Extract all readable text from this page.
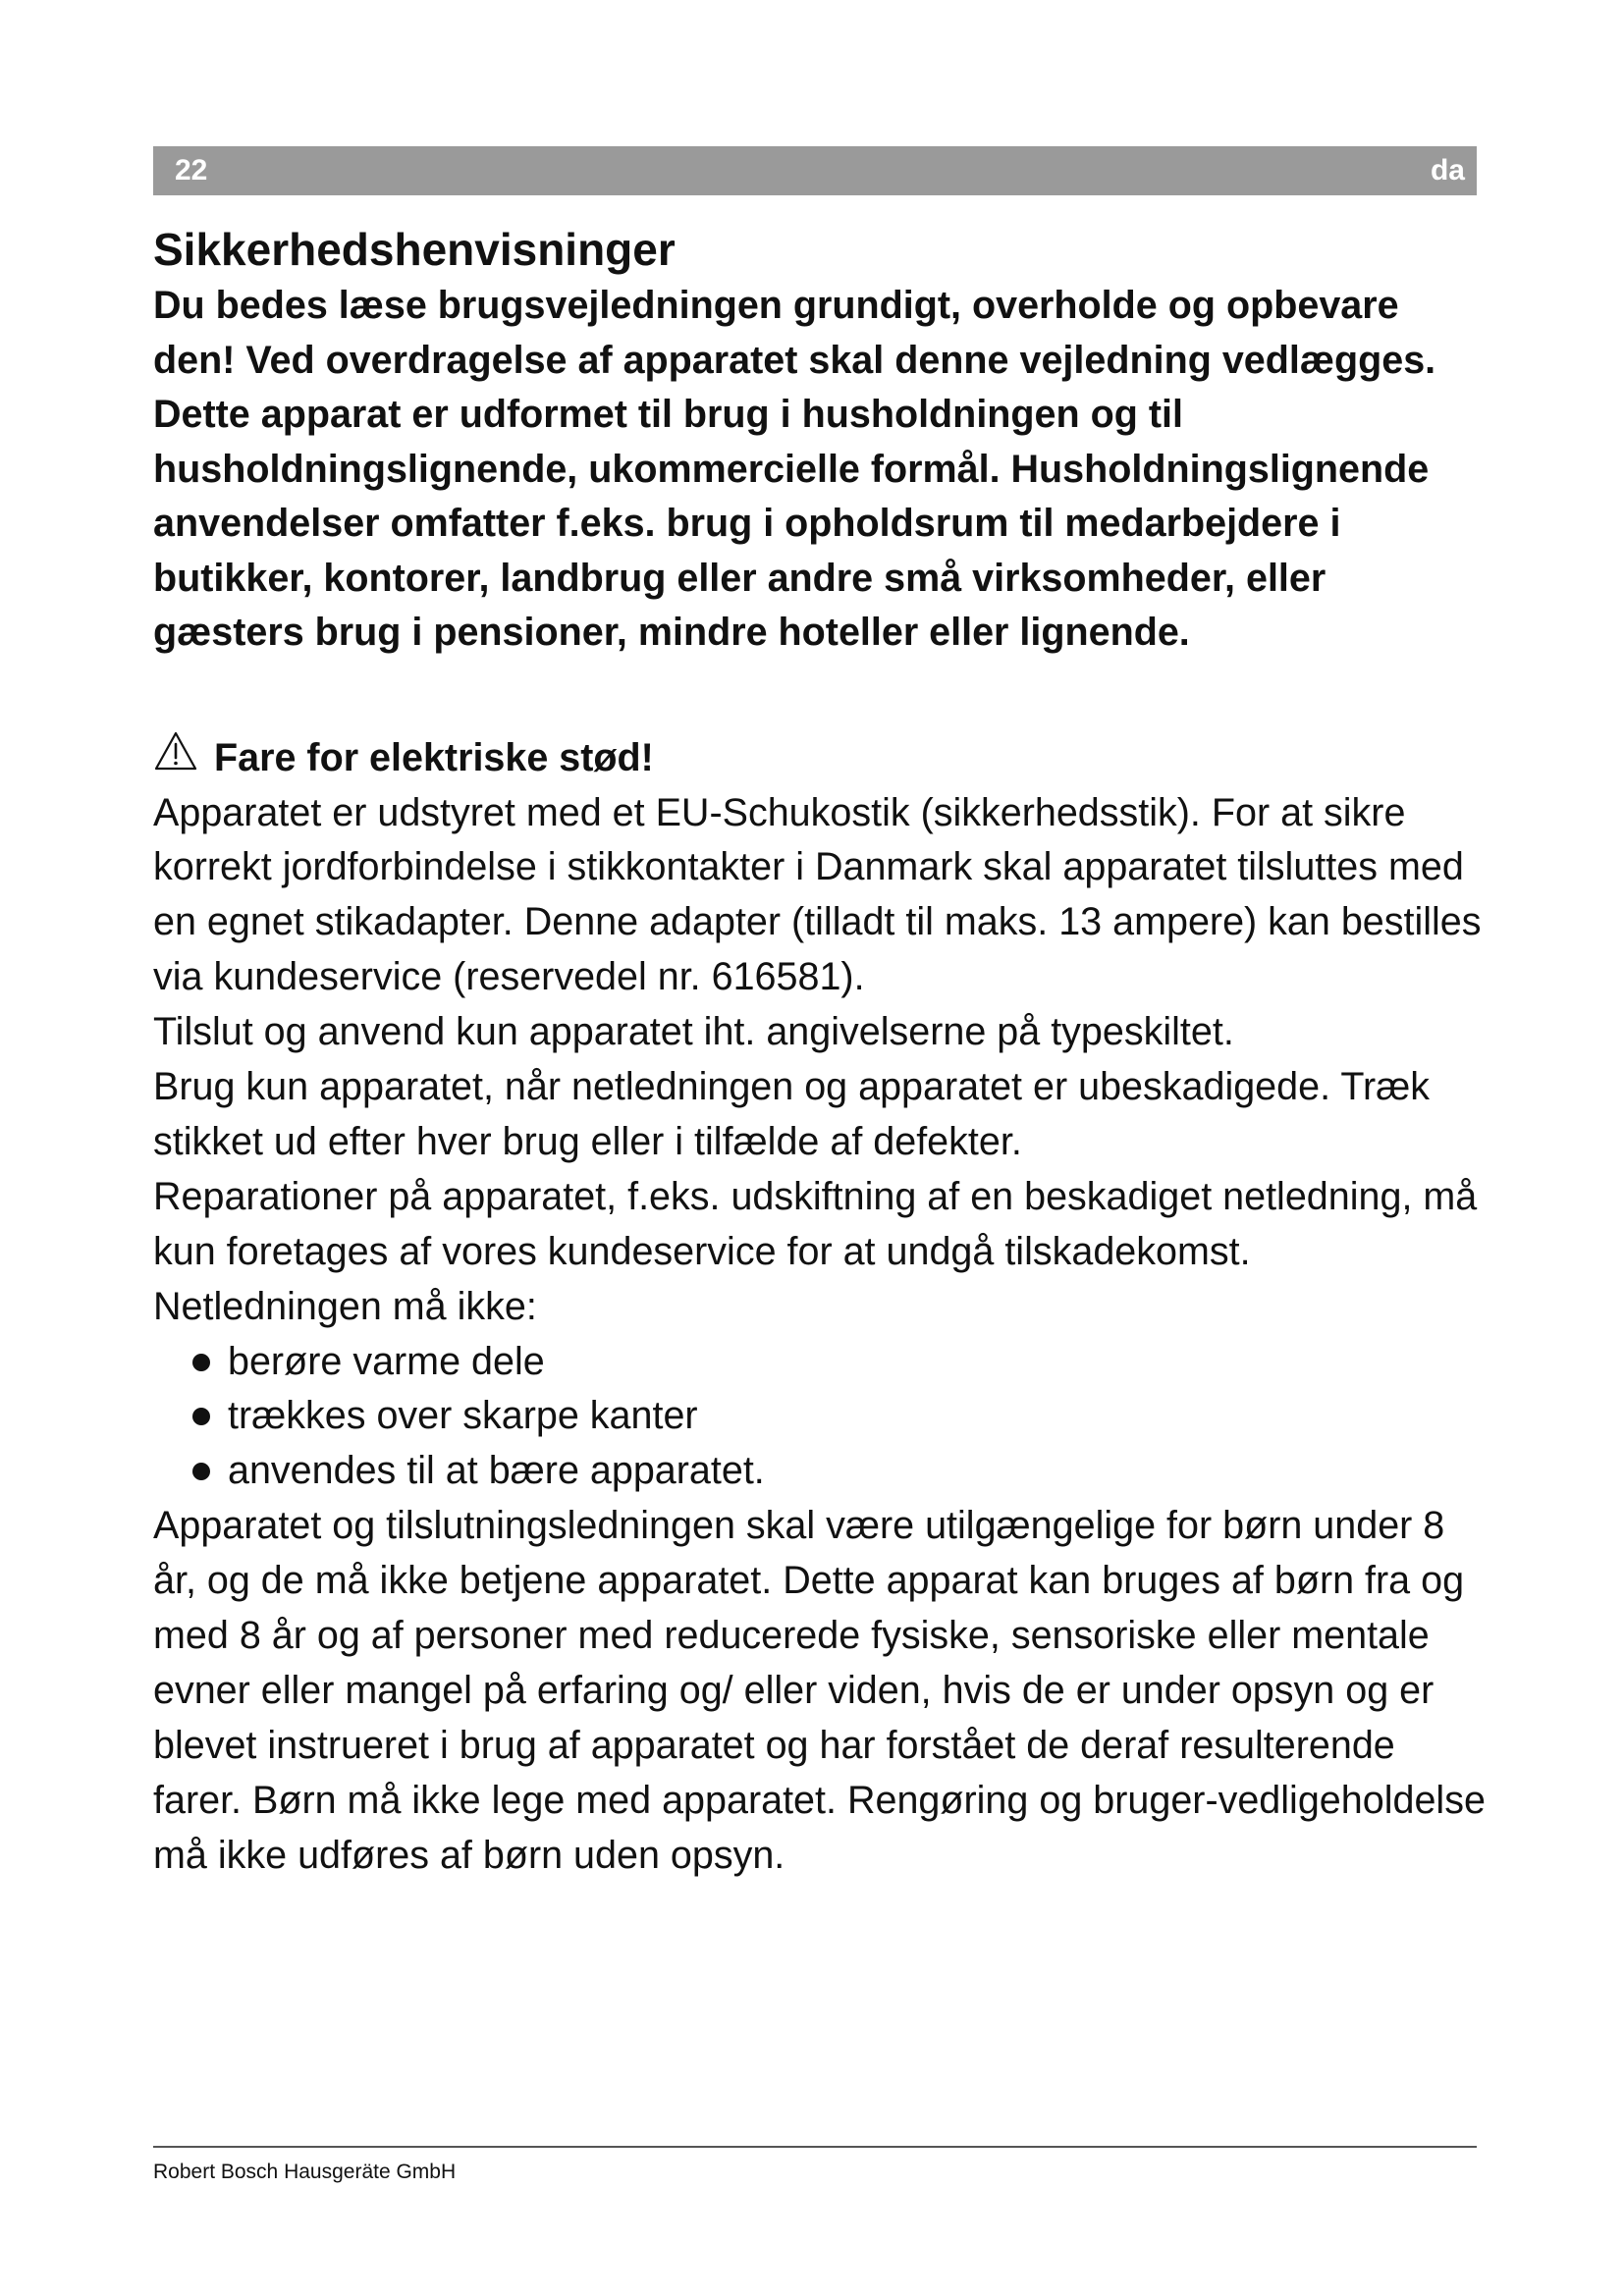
22	da
Sikkerhedshenvisninger

Du bedes læse brugsvejledningen grundigt, overholde og opbevare den! Ved overdragelse af apparatet skal denne vejledning vedlægges. Dette apparat er udformet til brug i husholdningen og til husholdningslignende, ukommercielle formål. Husholdningslignende anvendelser omfatter f.eks. brug i opholdsrum til medarbejdere i butikker, kontorer, landbrug eller andre små virksomheder, eller gæsters brug i pensioner, mindre hoteller eller lignende.

Fare for elektriske stød!

Apparatet er udstyret med et EU-Schukostik (sikkerhedsstik). For at sikre korrekt jordforbindelse i stikkontakter i Danmark skal apparatet tilsluttes med en egnet stikadapter. Denne adapter (tilladt til maks. 13 ampere) kan bestilles via kundeservice (reservedel nr. 616581).

Tilslut og anvend kun apparatet iht. angivelserne på typeskiltet.

Brug kun apparatet, når netledningen og apparatet er ubeskadigede. Træk stikket ud efter hver brug eller i tilfælde af defekter.

Reparationer på apparatet, f.eks. udskiftning af en beskadiget netledning, må kun foretages af vores kundeservice for at undgå tilskadekomst.

Netledningen må ikke:

berøre varme dele
trækkes over skarpe kanter
anvendes til at bære apparatet.

Apparatet og tilslutningsledningen skal være utilgængelige for børn under 8 år, og de må ikke betjene apparatet. Dette apparat kan bruges af børn fra og med 8 år og af personer med reducerede fysiske, sensoriske eller mentale evner eller mangel på erfaring og/ eller viden, hvis de er under opsyn og er blevet instrueret i brug af apparatet og har forstået de deraf resulterende farer. Børn må ikke lege med apparatet. Rengøring og bruger-vedligeholdelse må ikke udføres af børn uden opsyn.

Robert Bosch Hausgeräte GmbH
